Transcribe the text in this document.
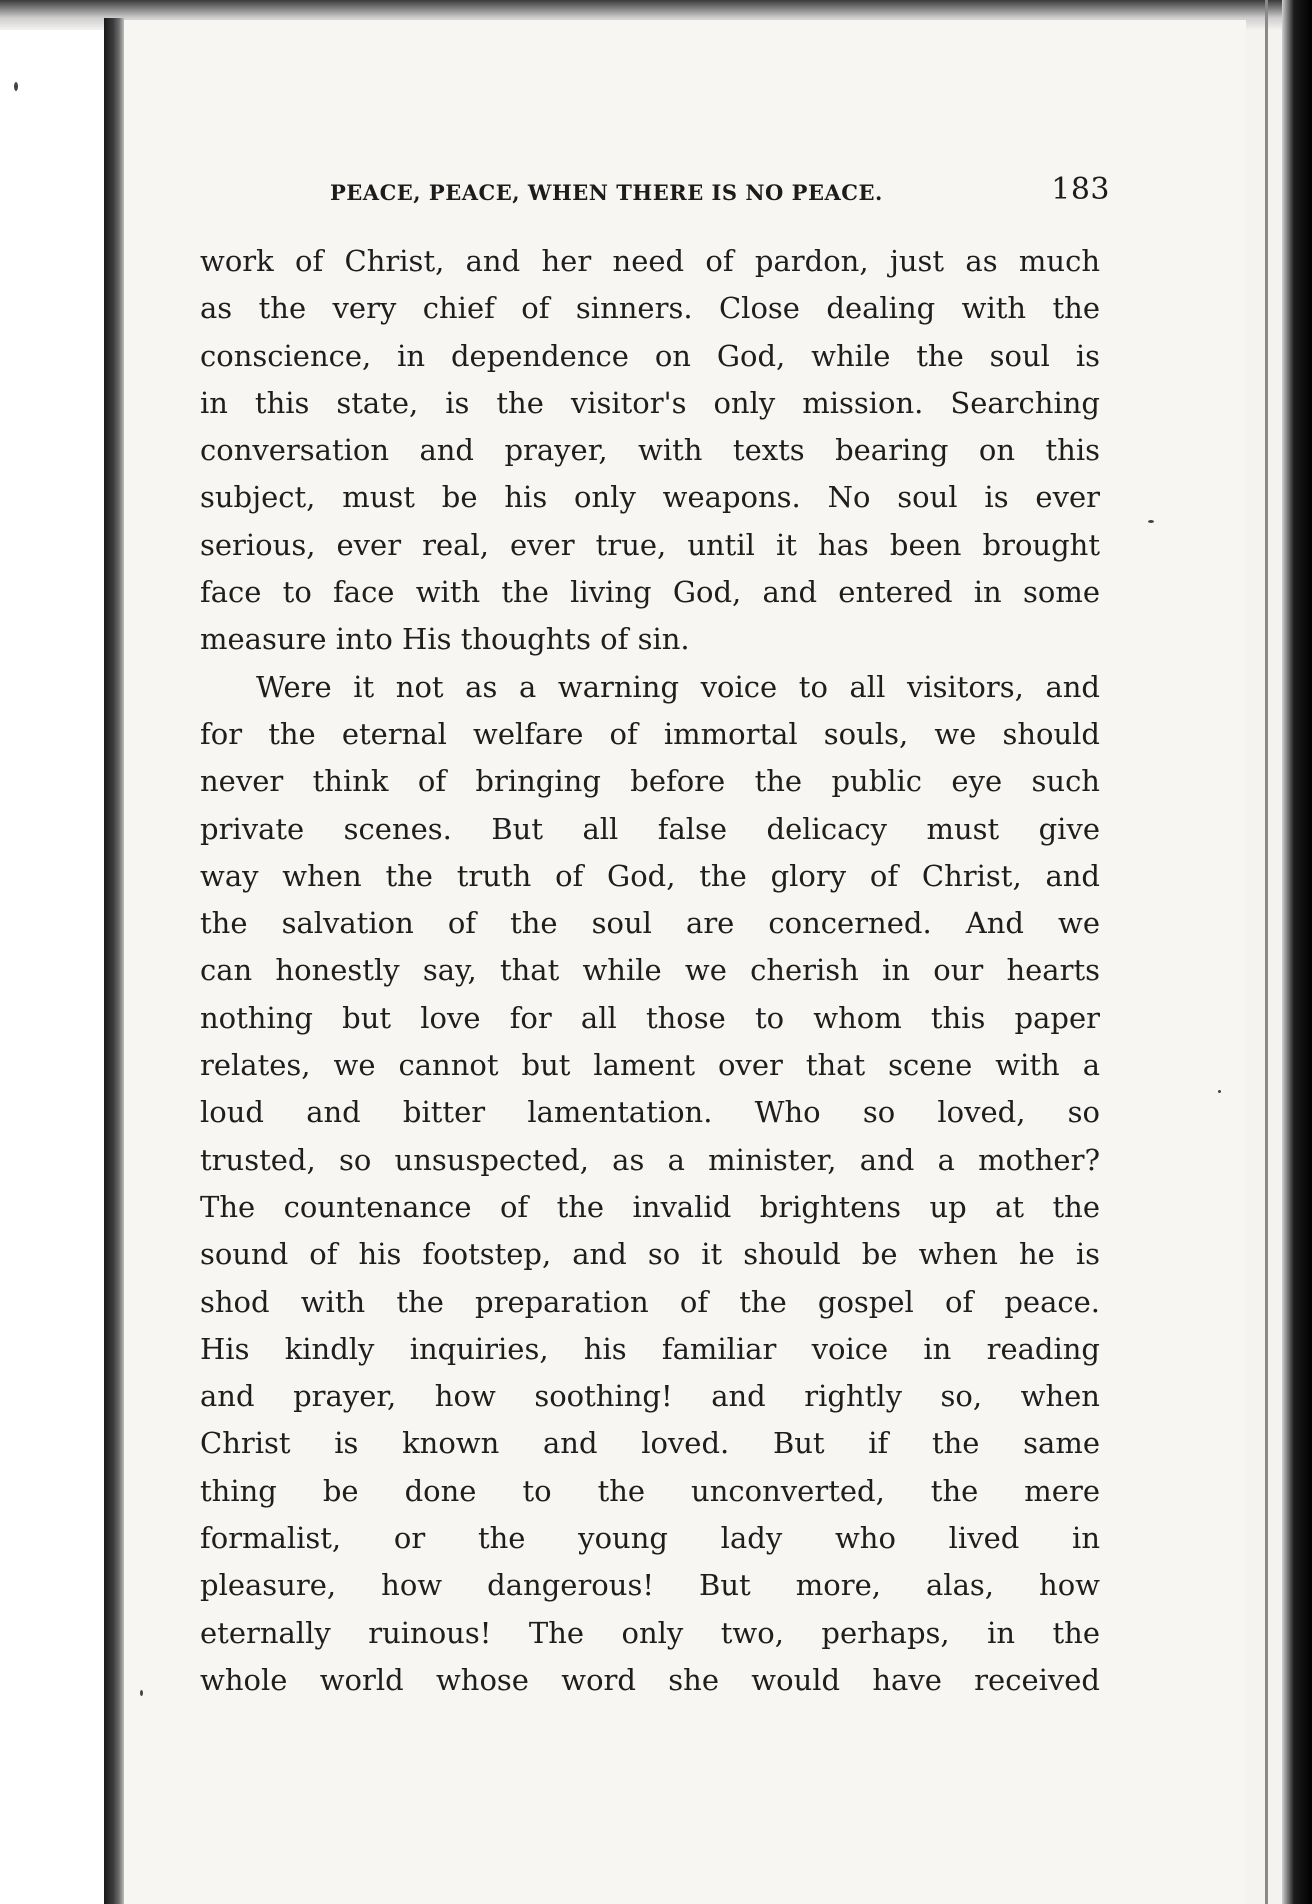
PEACE, PEACE, WHEN THERE IS NO PEACE.	183
work of Christ, and her need of pardon, just as much
as the very chief of sinners. Close dealing with the
conscience, in dependence on God, while the soul is
in this state, is the visitor's only mission. Searching
conversation and prayer, with texts bearing on this
subject, must be his only weapons. No soul is ever
serious, ever real, ever true, until it has been brought
face to face with the living God, and entered in some
measure into His thoughts of sin.
Were it not as a warning voice to all visitors, and
for the eternal welfare of immortal souls, we should
never think of bringing before the public eye such
private scenes. But all false delicacy must give
way when the truth of God, the glory of Christ, and
the salvation of the soul are concerned. And we
can honestly say, that while we cherish in our hearts
nothing but love for all those to whom this paper
relates, we cannot but lament over that scene with a
loud and bitter lamentation. Who so loved, so
trusted, so unsuspected, as a minister, and a mother?
The countenance of the invalid brightens up at the
sound of his footstep, and so it should be when he is
shod with the preparation of the gospel of peace.
His kindly inquiries, his familiar voice in reading
and prayer, how soothing! and rightly so, when
Christ is known and loved. But if the same
thing be done to the unconverted, the mere
formalist, or the young lady who lived in
pleasure, how dangerous! But more, alas, how
eternally ruinous! The only two, perhaps, in the
whole world whose word she would have received
